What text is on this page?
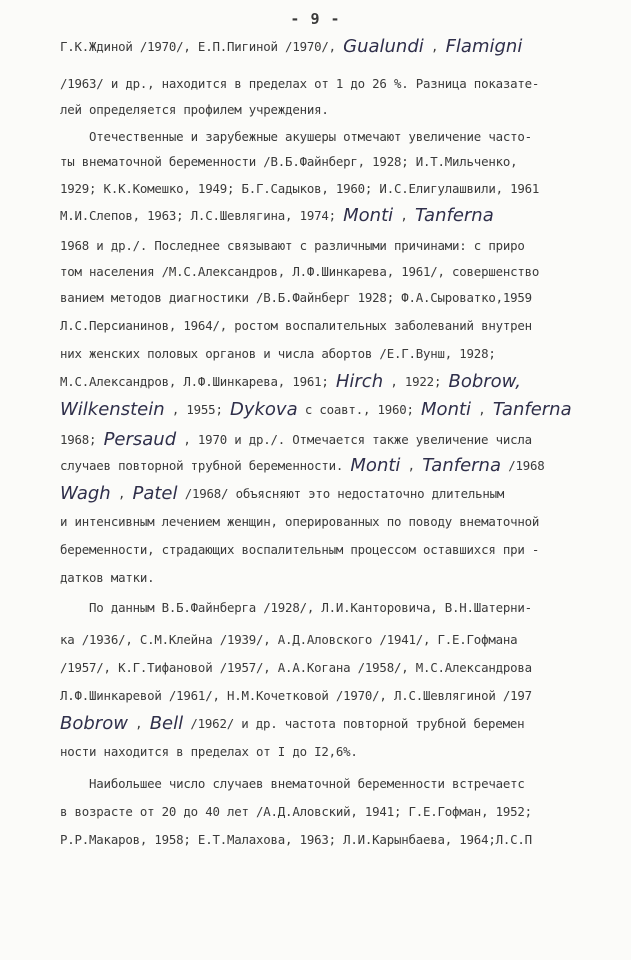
- 9 -
Г.К.Ждиной /1970/, Е.П.Пигиной /1970/, Gualundi , Flamigni
/1963/ и др., находится в пределах от 1 до 26 %. Разница показате-
лей определяется профилем учреждения.
Отечественные и зарубежные акушеры отмечают увеличение часто-
ты внематочной беременности /В.Б.Файнберг, 1928; И.Т.Мильченко,
1929; К.К.Комешко, 1949; Б.Г.Садыков, 1960; И.С.Елигулашвили, 1961
М.И.Слепов, 1963; Л.С.Шевлягина, 1974; Monti , Tanferna
1968 и др./. Последнее связывают с различными причинами: с приро
том населения /М.С.Александров, Л.Ф.Шинкарева, 1961/, совершенство
ванием методов диагностики /В.Б.Файнберг 1928; Ф.А.Сыроватко,1959
Л.С.Персианинов, 1964/, ростом воспалительных заболеваний внутрен
них женских половых органов и числа абортов /Е.Г.Вунш, 1928;
М.С.Александров, Л.Ф.Шинкарева, 1961; Hirch , 1922; Bobrow,
Wilkenstein , 1955; Dykova с соавт., 1960; Monti , Tanferna
1968; Persaud , 1970 и др./. Отмечается также увеличение числа
случаев повторной трубной беременности. Monti , Tanferna /1968
Wagh , Patel /1968/ объясняют это недостаточно длительным
и интенсивным лечением женщин, оперированных по поводу внематочной
беременности, страдающих воспалительным процессом оставшихся при -
датков матки.
По данным В.Б.Файнберга /1928/, Л.И.Канторовича, В.Н.Шатерни-
ка /1936/, С.М.Клейна /1939/, А.Д.Аловского /1941/, Г.Е.Гофмана
/1957/, К.Г.Тифановой /1957/, А.А.Когана /1958/, М.С.Александрова
Л.Ф.Шинкаревой /1961/, Н.М.Кочетковой /1970/, Л.С.Шевлягиной /197
Bobrow , Bell /1962/ и др. частота повторной трубной беремен
ности находится в пределах от I до I2,6%.
Наибольшее число случаев внематочной беременности встречаетс
в возрасте от 20 до 40 лет /А.Д.Аловский, 1941; Г.Е.Гофман, 1952;
Р.Р.Макаров, 1958; Е.Т.Малахова, 1963; Л.И.Карынбаева, 1964;Л.С.П
